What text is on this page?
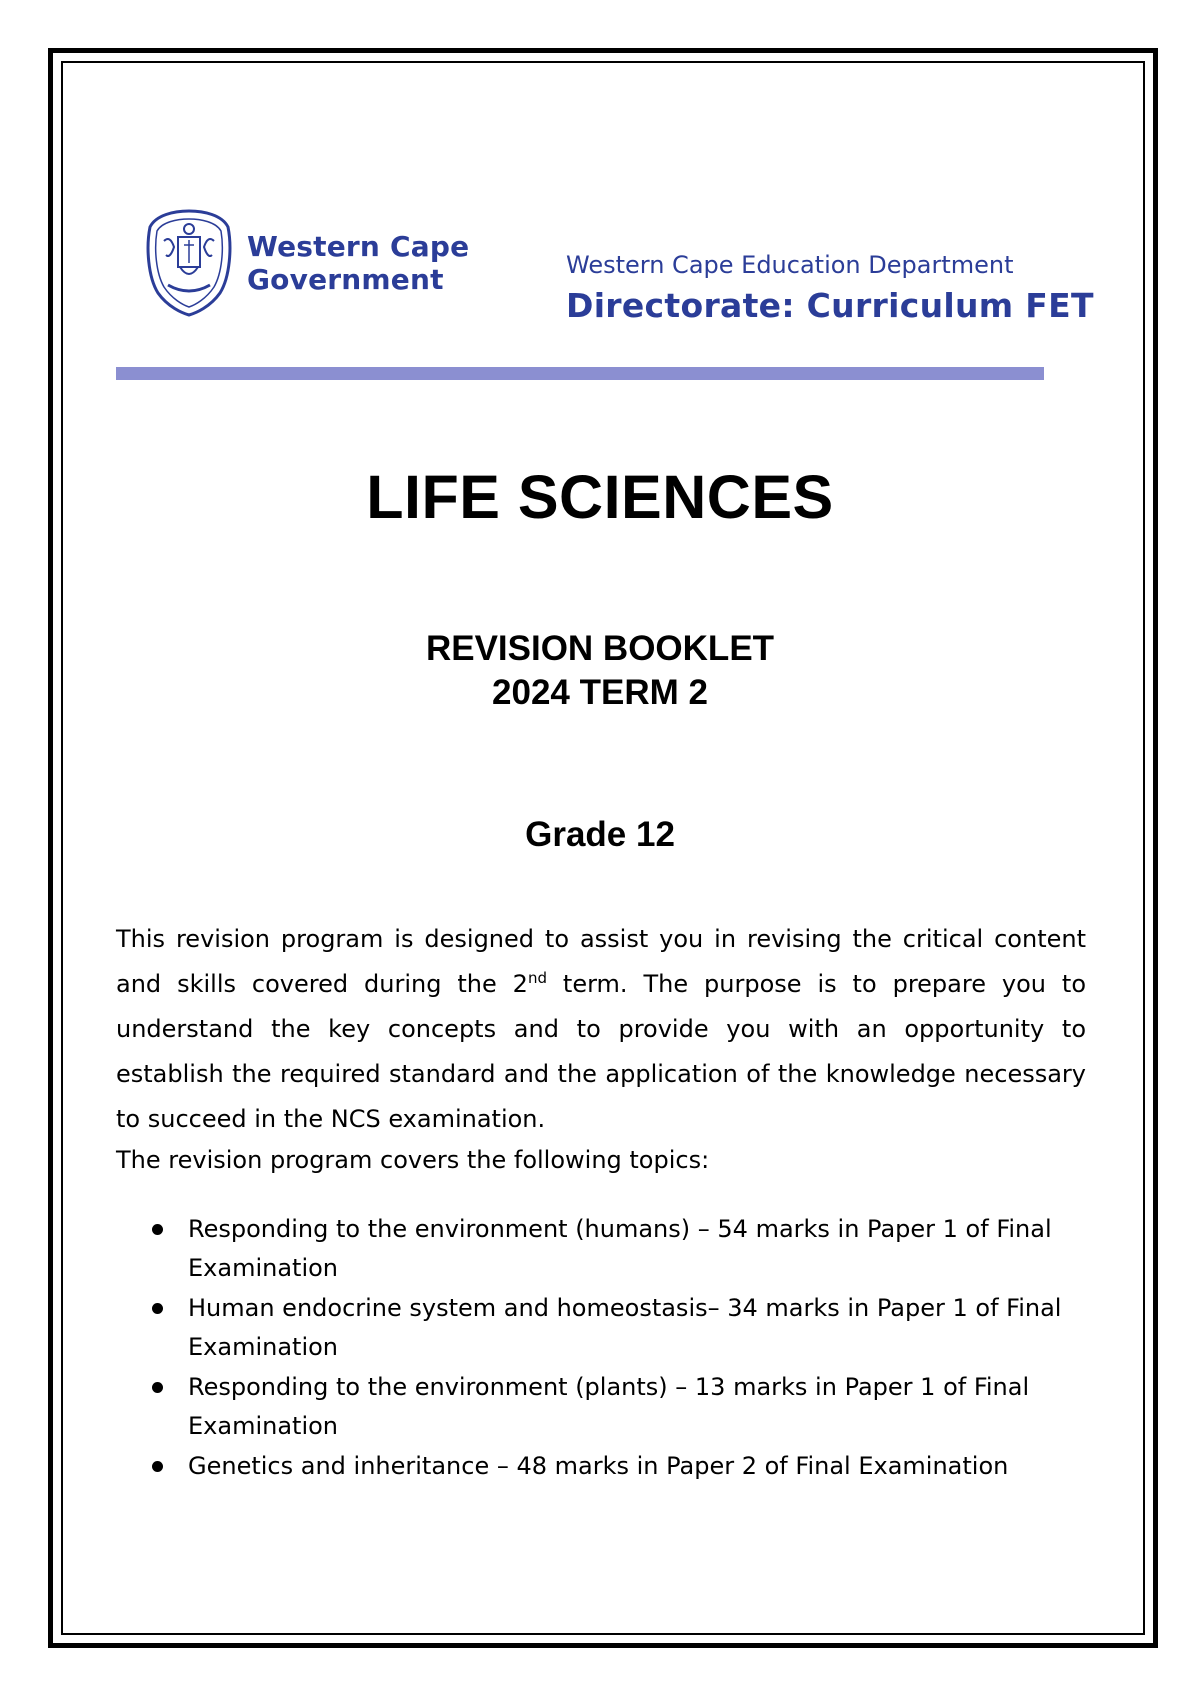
Western Cape
Government	Western Cape Education Department
Directorate: Curriculum FET
LIFE SCIENCES
REVISION BOOKLET
2024 TERM 2
Grade 12

This revision program is designed to assist you in revising the critical content and skills covered during the 2nd term. The purpose is to prepare you to understand the key concepts and to provide you with an opportunity to establish the required standard and the application of the knowledge necessary to succeed in the NCS examination.

The revision program covers the following topics:
Responding to the environment (humans) – 54 marks in Paper 1 of Final Examination
Human endocrine system and homeostasis– 34 marks in Paper 1 of Final Examination
Responding to the environment (plants) – 13 marks in Paper 1 of Final Examination
Genetics and inheritance – 48 marks in Paper 2 of Final Examination
